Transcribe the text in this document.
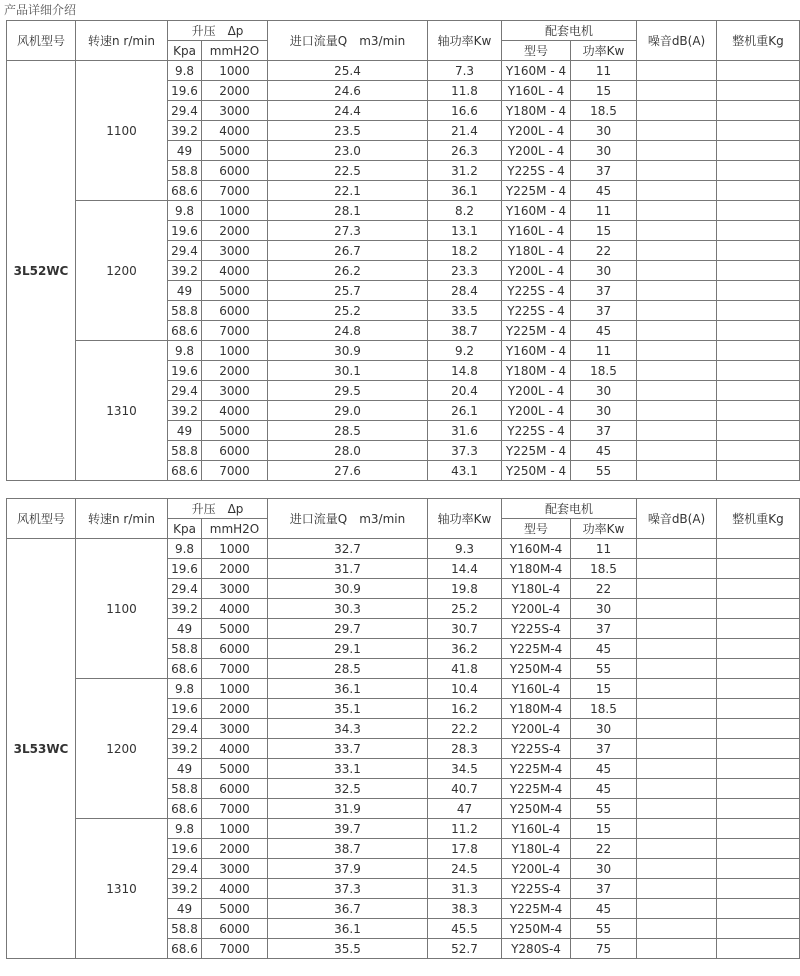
产品详细介绍
风机型号	转速n r/min	升压　Δp		进口流量Q　m3/min	轴功率Kw	配套电机		噪音dB(A)	整机重Kg
		Kpa	mmH2O			型号	功率Kw		
3L52WC	1100	9.8	1000	25.4	7.3	Y160M - 4	11		
		19.6	2000	24.6	11.8	Y160L - 4	15		
		29.4	3000	24.4	16.6	Y180M - 4	18.5		
		39.2	4000	23.5	21.4	Y200L - 4	30		
		49	5000	23.0	26.3	Y200L - 4	30		
		58.8	6000	22.5	31.2	Y225S - 4	37		
		68.6	7000	22.1	36.1	Y225M - 4	45		
	1200	9.8	1000	28.1	8.2	Y160M - 4	11		
		19.6	2000	27.3	13.1	Y160L - 4	15		
		29.4	3000	26.7	18.2	Y180L - 4	22		
		39.2	4000	26.2	23.3	Y200L - 4	30		
		49	5000	25.7	28.4	Y225S - 4	37		
		58.8	6000	25.2	33.5	Y225S - 4	37		
		68.6	7000	24.8	38.7	Y225M - 4	45		
	1310	9.8	1000	30.9	9.2	Y160M - 4	11		
		19.6	2000	30.1	14.8	Y180M - 4	18.5		
		29.4	3000	29.5	20.4	Y200L - 4	30		
		39.2	4000	29.0	26.1	Y200L - 4	30		
		49	5000	28.5	31.6	Y225S - 4	37		
		58.8	6000	28.0	37.3	Y225M - 4	45		
		68.6	7000	27.6	43.1	Y250M - 4	55		
风机型号	转速n r/min	升压　Δp		进口流量Q　m3/min	轴功率Kw	配套电机		噪音dB(A)	整机重Kg
		Kpa	mmH2O			型号	功率Kw		
3L53WC	1100	9.8	1000	32.7	9.3	Y160M-4	11		
		19.6	2000	31.7	14.4	Y180M-4	18.5		
		29.4	3000	30.9	19.8	Y180L-4	22		
		39.2	4000	30.3	25.2	Y200L-4	30		
		49	5000	29.7	30.7	Y225S-4	37		
		58.8	6000	29.1	36.2	Y225M-4	45		
		68.6	7000	28.5	41.8	Y250M-4	55		
	1200	9.8	1000	36.1	10.4	Y160L-4	15		
		19.6	2000	35.1	16.2	Y180M-4	18.5		
		29.4	3000	34.3	22.2	Y200L-4	30		
		39.2	4000	33.7	28.3	Y225S-4	37		
		49	5000	33.1	34.5	Y225M-4	45		
		58.8	6000	32.5	40.7	Y225M-4	45		
		68.6	7000	31.9	47	Y250M-4	55		
	1310	9.8	1000	39.7	11.2	Y160L-4	15		
		19.6	2000	38.7	17.8	Y180L-4	22		
		29.4	3000	37.9	24.5	Y200L-4	30		
		39.2	4000	37.3	31.3	Y225S-4	37		
		49	5000	36.7	38.3	Y225M-4	45		
		58.8	6000	36.1	45.5	Y250M-4	55		
		68.6	7000	35.5	52.7	Y280S-4	75		
